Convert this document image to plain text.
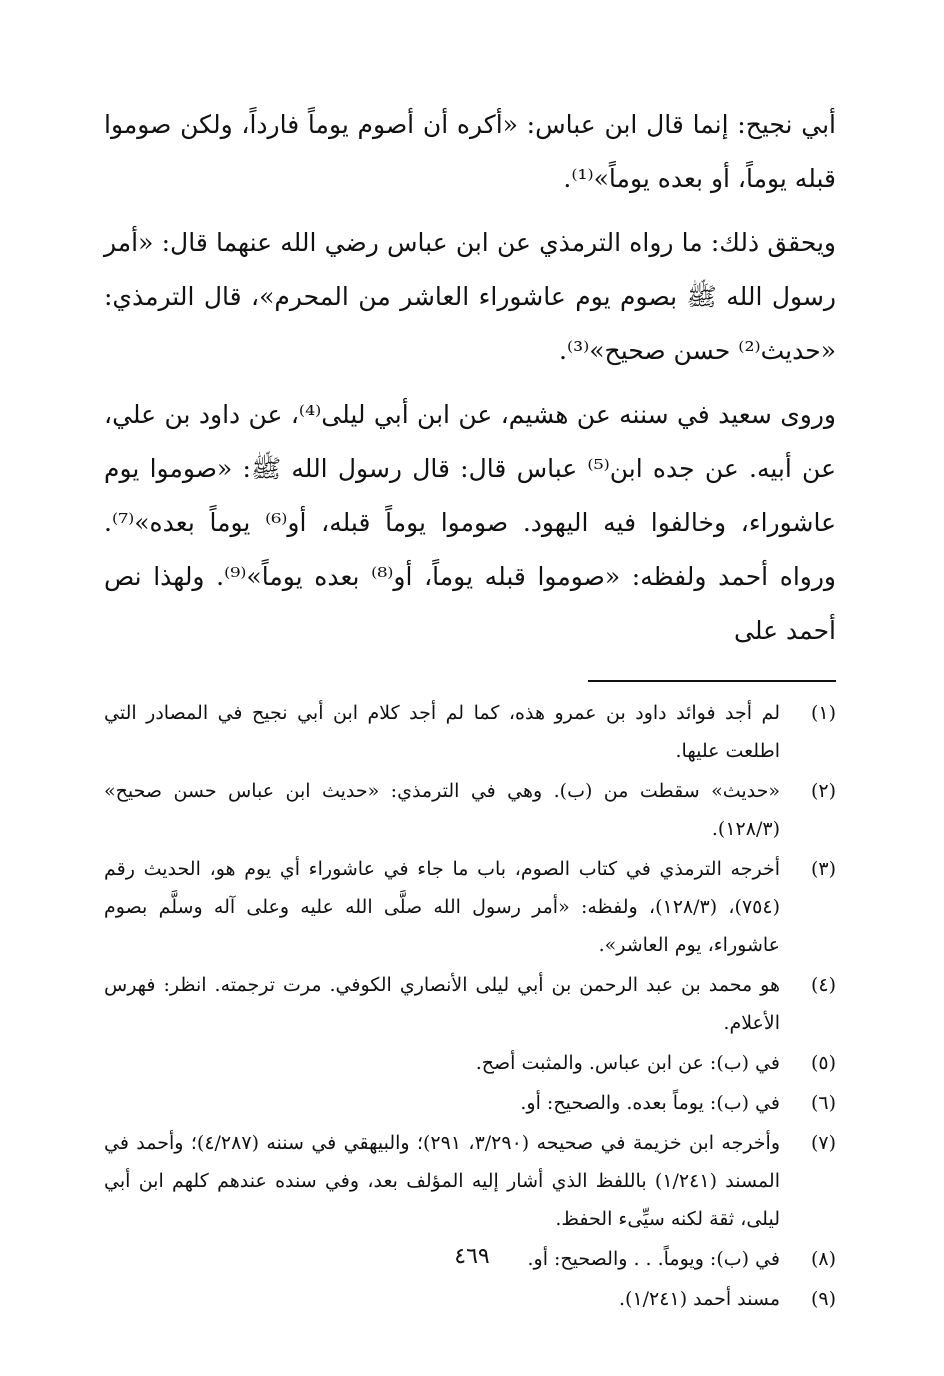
أبي نجيح: إنما قال ابن عباس: «أكره أن أصوم يوماً فارداً، ولكن صوموا قبله يوماً، أو بعده يوماً»⁽¹⁾.

ويحقق ذلك: ما رواه الترمذي عن ابن عباس رضي الله عنهما قال: «أمر رسول الله ﷺ بصوم يوم عاشوراء العاشر من المحرم»، قال الترمذي: «حديث⁽²⁾ حسن صحيح»⁽³⁾.

وروى سعيد في سننه عن هشيم، عن ابن أبي ليلى⁽⁴⁾، عن داود بن علي، عن أبيه. عن جده ابن⁽⁵⁾ عباس قال: قال رسول الله ﷺ: «صوموا يوم عاشوراء، وخالفوا فيه اليهود. صوموا يوماً قبله، أو⁽⁶⁾ يوماً بعده»⁽⁷⁾. ورواه أحمد ولفظه: «صوموا قبله يوماً، أو⁽⁸⁾ بعده يوماً»⁽⁹⁾. ولهذا نص أحمد على

(١)
لم أجد فوائد داود بن عمرو هذه، كما لم أجد كلام ابن أبي نجيح في المصادر التي اطلعت عليها.
(٢)
«حديث» سقطت من (ب). وهي في الترمذي: «حديث ابن عباس حسن صحيح» (١٢٨/٣).
(٣)
أخرجه الترمذي في كتاب الصوم، باب ما جاء في عاشوراء أي يوم هو، الحديث رقم (٧٥٤)، (١٢٨/٣)، ولفظه: «أمر رسول الله صلَّى الله عليه وعلى آله وسلَّم بصوم عاشوراء، يوم العاشر».
(٤)
هو محمد بن عبد الرحمن بن أبي ليلى الأنصاري الكوفي. مرت ترجمته. انظر: فهرس الأعلام.
(٥)
في (ب): عن ابن عباس. والمثبت أصح.
(٦)
في (ب): يوماً بعده. والصحيح: أو.
(٧)
وأخرجه ابن خزيمة في صحيحه (٣/٢٩٠، ٢٩١)؛ والبيهقي في سننه (٤/٢٨٧)؛ وأحمد في المسند (١/٢٤١) باللفظ الذي أشار إليه المؤلف بعد، وفي سنده عندهم كلهم ابن أبي ليلى، ثقة لكنه سيِّىء الحفظ.
(٨)
في (ب): ويوماً. . . والصحيح: أو.
(٩)
مسند أحمد (١/٢٤١).
٤٦٩
